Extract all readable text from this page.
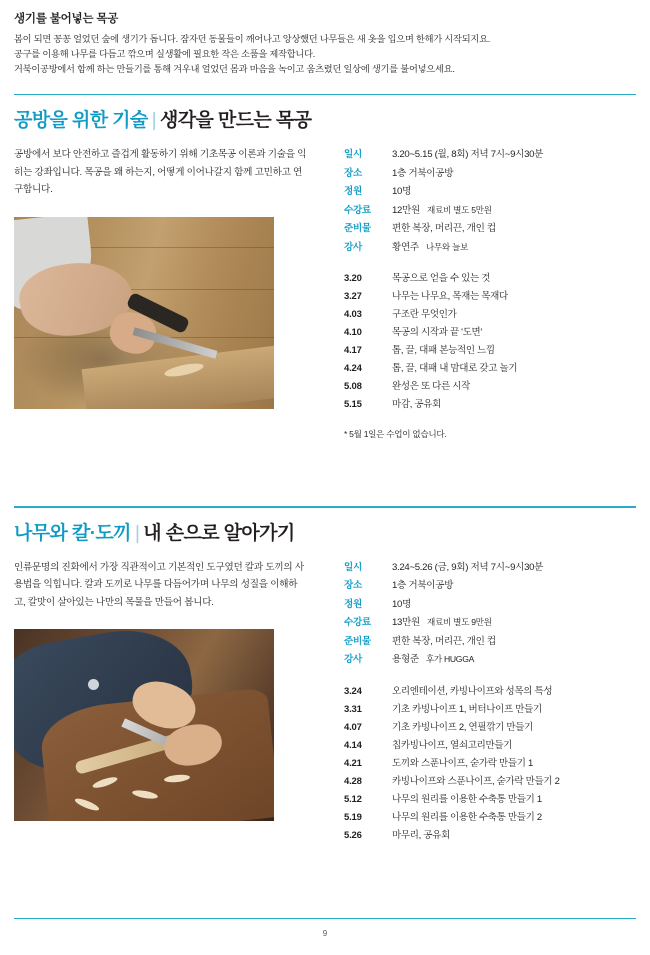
생기를 불어넣는 목공

봄이 되면 꽁꽁 얼었던 숲에 생기가 돕니다. 잠자던 동물들이 깨어나고 앙상했던 나무들은 새 옷을 입으며 한해가 시작되지요.

공구를 이용해 나무를 다듬고 깎으며 실생활에 필요한 작은 소품을 제작합니다.

거북이공방에서 함께 하는 만들기를 통해 겨우내 얼었던 몸과 마음을 녹이고 움츠렸던 일상에 생기를 불어넣으세요.

공방을 위한 기술 | 생각을 만드는 목공

공방에서 보다 안전하고 즐겁게 활동하기 위해 기초목공 이론과 기술을 익히는 강좌입니다. 목공을 왜 하는지, 어떻게 이어나갈지 함께 고민하고 연구합니다.

일시	3.20~5.15 (월, 8회) 저녁 7시~9시30분
장소	1층 거북이공방
정원	10명
수강료	12만원 재료비 별도 5만원
준비물	편한 복장, 머리끈, 개인 컵
강사	황연주 나무와 늘보
3.20	목공으로 얻을 수 있는 것
3.27	나무는 나무요, 목재는 목재다
4.03	구조란 무엇인가
4.10	목공의 시작과 끝 '도면'
4.17	톱, 끌, 대패 본능적인 느낌
4.24	톱, 끌, 대패 내 맘대로 갖고 놀기
5.08	완성은 또 다른 시작
5.15	마감, 공유회
* 5월 1일은 수업이 없습니다.
나무와 칼·도끼 | 내 손으로 알아가기

인류문명의 진화에서 가장 직관적이고 기본적인 도구였던 칼과 도끼의 사용법을 익힙니다. 칼과 도끼로 나무를 다듬어가며 나무의 성질을 이해하고, 칼맛이 살아있는 나만의 목물을 만들어 봅니다.

일시	3.24~5.26 (금, 9회) 저녁 7시~9시30분
장소	1층 거북이공방
정원	10명
수강료	13만원 재료비 별도 9만원
준비물	편한 복장, 머리끈, 개인 컵
강사	용형준 후가 HUGGA
3.24	오리엔테이션, 카빙나이프와 성목의 특성
3.31	기초 카빙나이프 1, 버터나이프 만들기
4.07	기초 카빙나이프 2, 연필깎기 만들기
4.14	칩카빙나이프, 열쇠고리만들기
4.21	도끼와 스푼나이프, 숟가락 만들기 1
4.28	카빙나이프와 스푼나이프, 숟가락 만들기 2
5.12	나무의 원리를 이용한 수축통 만들기 1
5.19	나무의 원리를 이용한 수축통 만들기 2
5.26	마무리, 공유회
9
